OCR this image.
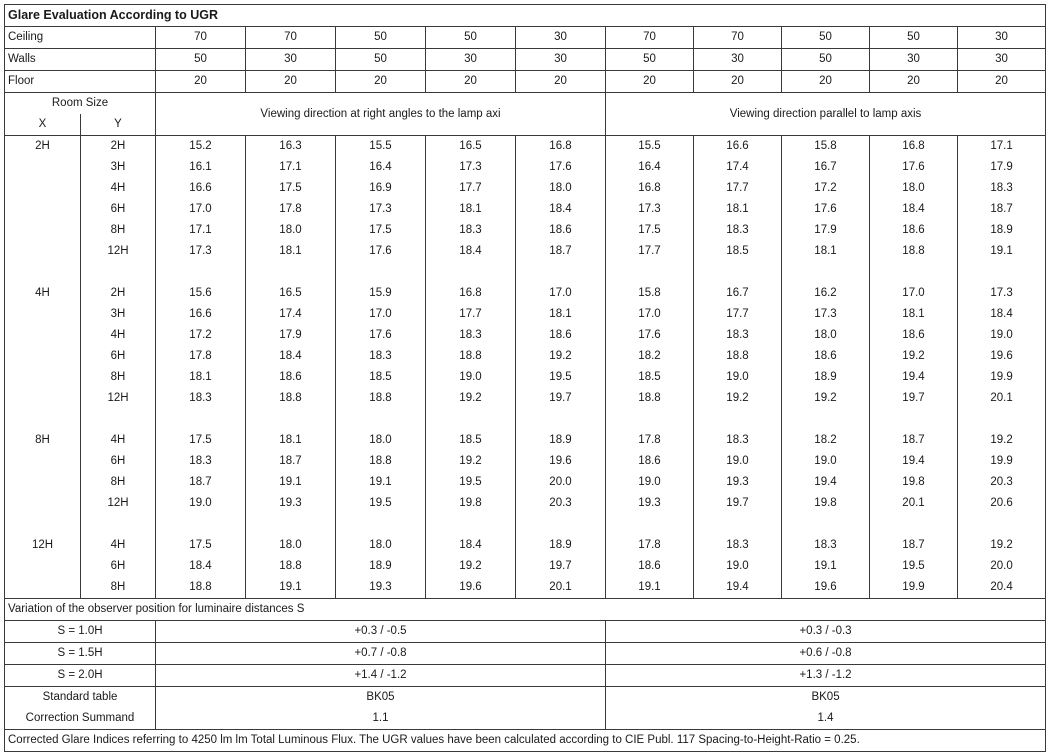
Glare Evaluation According to UGR											
Ceiling		70	70	50	50	30	70	70	50	50	30
Walls		50	30	50	30	30	50	30	50	30	30
Floor		20	20	20	20	20	20	20	20	20	20
Room Size		Viewing direction at right angles to the lamp axi					Viewing direction parallel to lamp axis				
X	Y										
2H	2H	15.2	16.3	15.5	16.5	16.8	15.5	16.6	15.8	16.8	17.1
	3H	16.1	17.1	16.4	17.3	17.6	16.4	17.4	16.7	17.6	17.9
	4H	16.6	17.5	16.9	17.7	18.0	16.8	17.7	17.2	18.0	18.3
	6H	17.0	17.8	17.3	18.1	18.4	17.3	18.1	17.6	18.4	18.7
	8H	17.1	18.0	17.5	18.3	18.6	17.5	18.3	17.9	18.6	18.9
	12H	17.3	18.1	17.6	18.4	18.7	17.7	18.5	18.1	18.8	19.1

4H	2H	15.6	16.5	15.9	16.8	17.0	15.8	16.7	16.2	17.0	17.3
	3H	16.6	17.4	17.0	17.7	18.1	17.0	17.7	17.3	18.1	18.4
	4H	17.2	17.9	17.6	18.3	18.6	17.6	18.3	18.0	18.6	19.0
	6H	17.8	18.4	18.3	18.8	19.2	18.2	18.8	18.6	19.2	19.6
	8H	18.1	18.6	18.5	19.0	19.5	18.5	19.0	18.9	19.4	19.9
	12H	18.3	18.8	18.8	19.2	19.7	18.8	19.2	19.2	19.7	20.1

8H	4H	17.5	18.1	18.0	18.5	18.9	17.8	18.3	18.2	18.7	19.2
	6H	18.3	18.7	18.8	19.2	19.6	18.6	19.0	19.0	19.4	19.9
	8H	18.7	19.1	19.1	19.5	20.0	19.0	19.3	19.4	19.8	20.3
	12H	19.0	19.3	19.5	19.8	20.3	19.3	19.7	19.8	20.1	20.6

12H	4H	17.5	18.0	18.0	18.4	18.9	17.8	18.3	18.3	18.7	19.2
	6H	18.4	18.8	18.9	19.2	19.7	18.6	19.0	19.1	19.5	20.0
	8H	18.8	19.1	19.3	19.6	20.1	19.1	19.4	19.6	19.9	20.4
Variation of the observer position for luminaire distances S											
S = 1.0H		+0.3 / -0.5					+0.3 / -0.3				
S = 1.5H		+0.7 / -0.8					+0.6 / -0.8				
S = 2.0H		+1.4 / -1.2					+1.3 / -1.2				
Standard table		BK05					BK05				
Correction Summand		1.1					1.4				
Corrected Glare Indices referring to 4250 lm lm Total Luminous Flux. The UGR values have been calculated according to CIE Publ. 117 Spacing-to-Height-Ratio = 0.25.											
